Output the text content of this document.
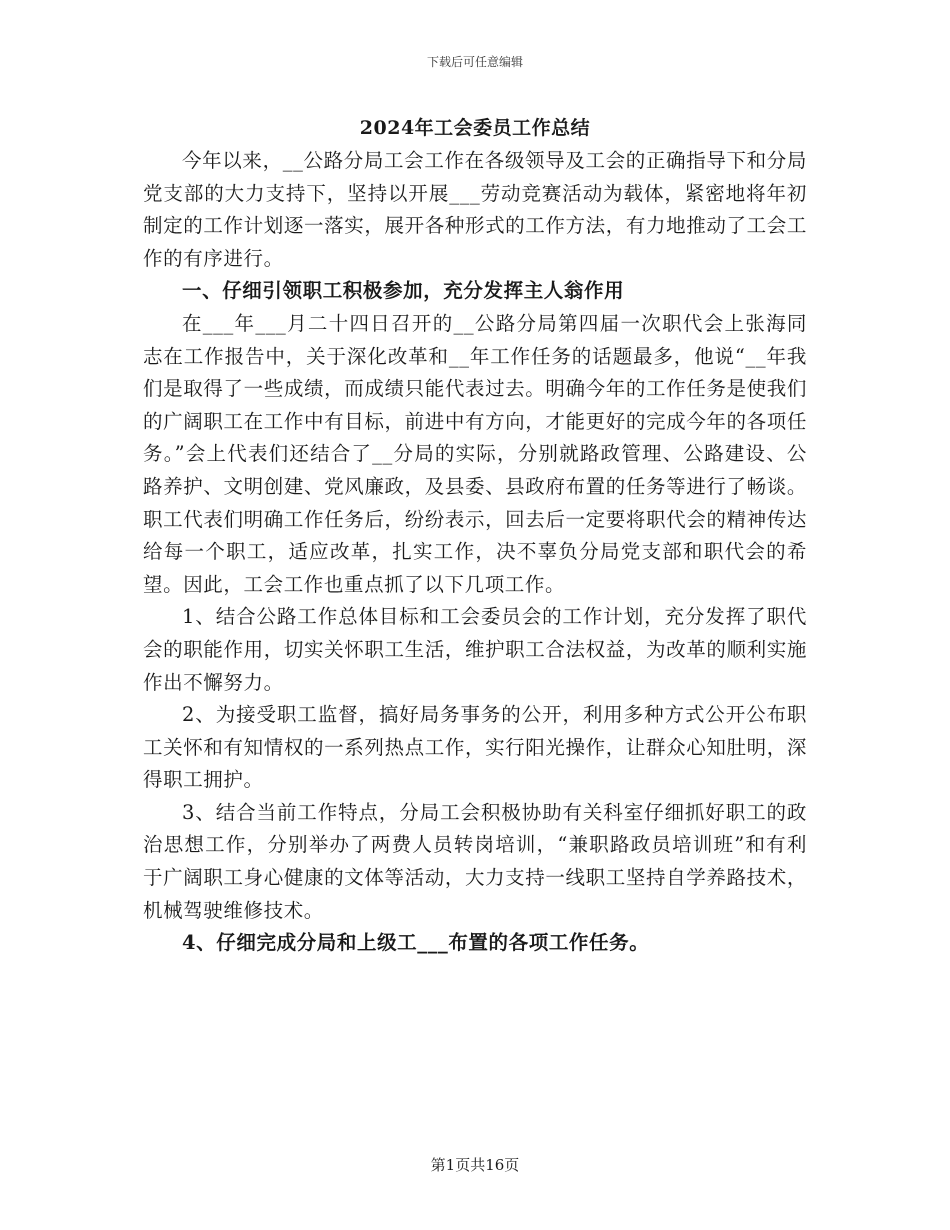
下载后可任意编辑
2024年工会委员工作总结

今年以来，__公路分局工会工作在各级领导及工会的正确指导下和分局党支部的大力支持下，坚持以开展___劳动竞赛活动为载体，紧密地将年初制定的工作计划逐一落实，展开各种形式的工作方法，有力地推动了工会工作的有序进行。

一、仔细引领职工积极参加，充分发挥主人翁作用

在___年___月二十四日召开的__公路分局第四届一次职代会上张海同志在工作报告中，关于深化改革和__年工作任务的话题最多，他说“__年我们是取得了一些成绩，而成绩只能代表过去。明确今年的工作任务是使我们的广阔职工在工作中有目标，前进中有方向，才能更好的完成今年的各项任务。”会上代表们还结合了__分局的实际，分别就路政管理、公路建设、公路养护、文明创建、党风廉政，及县委、县政府布置的任务等进行了畅谈。职工代表们明确工作任务后，纷纷表示，回去后一定要将职代会的精神传达给每一个职工，适应改革，扎实工作，决不辜负分局党支部和职代会的希望。因此，工会工作也重点抓了以下几项工作。

1、结合公路工作总体目标和工会委员会的工作计划，充分发挥了职代会的职能作用，切实关怀职工生活，维护职工合法权益，为改革的顺利实施作出不懈努力。

2、为接受职工监督，搞好局务事务的公开，利用多种方式公开公布职工关怀和有知情权的一系列热点工作，实行阳光操作，让群众心知肚明，深得职工拥护。

3、结合当前工作特点，分局工会积极协助有关科室仔细抓好职工的政治思想工作，分别举办了两费人员转岗培训，“兼职路政员培训班”和有利于广阔职工身心健康的文体等活动，大力支持一线职工坚持自学养路技术，机械驾驶维修技术。

4、仔细完成分局和上级工___布置的各项工作任务。

第1页共16页
